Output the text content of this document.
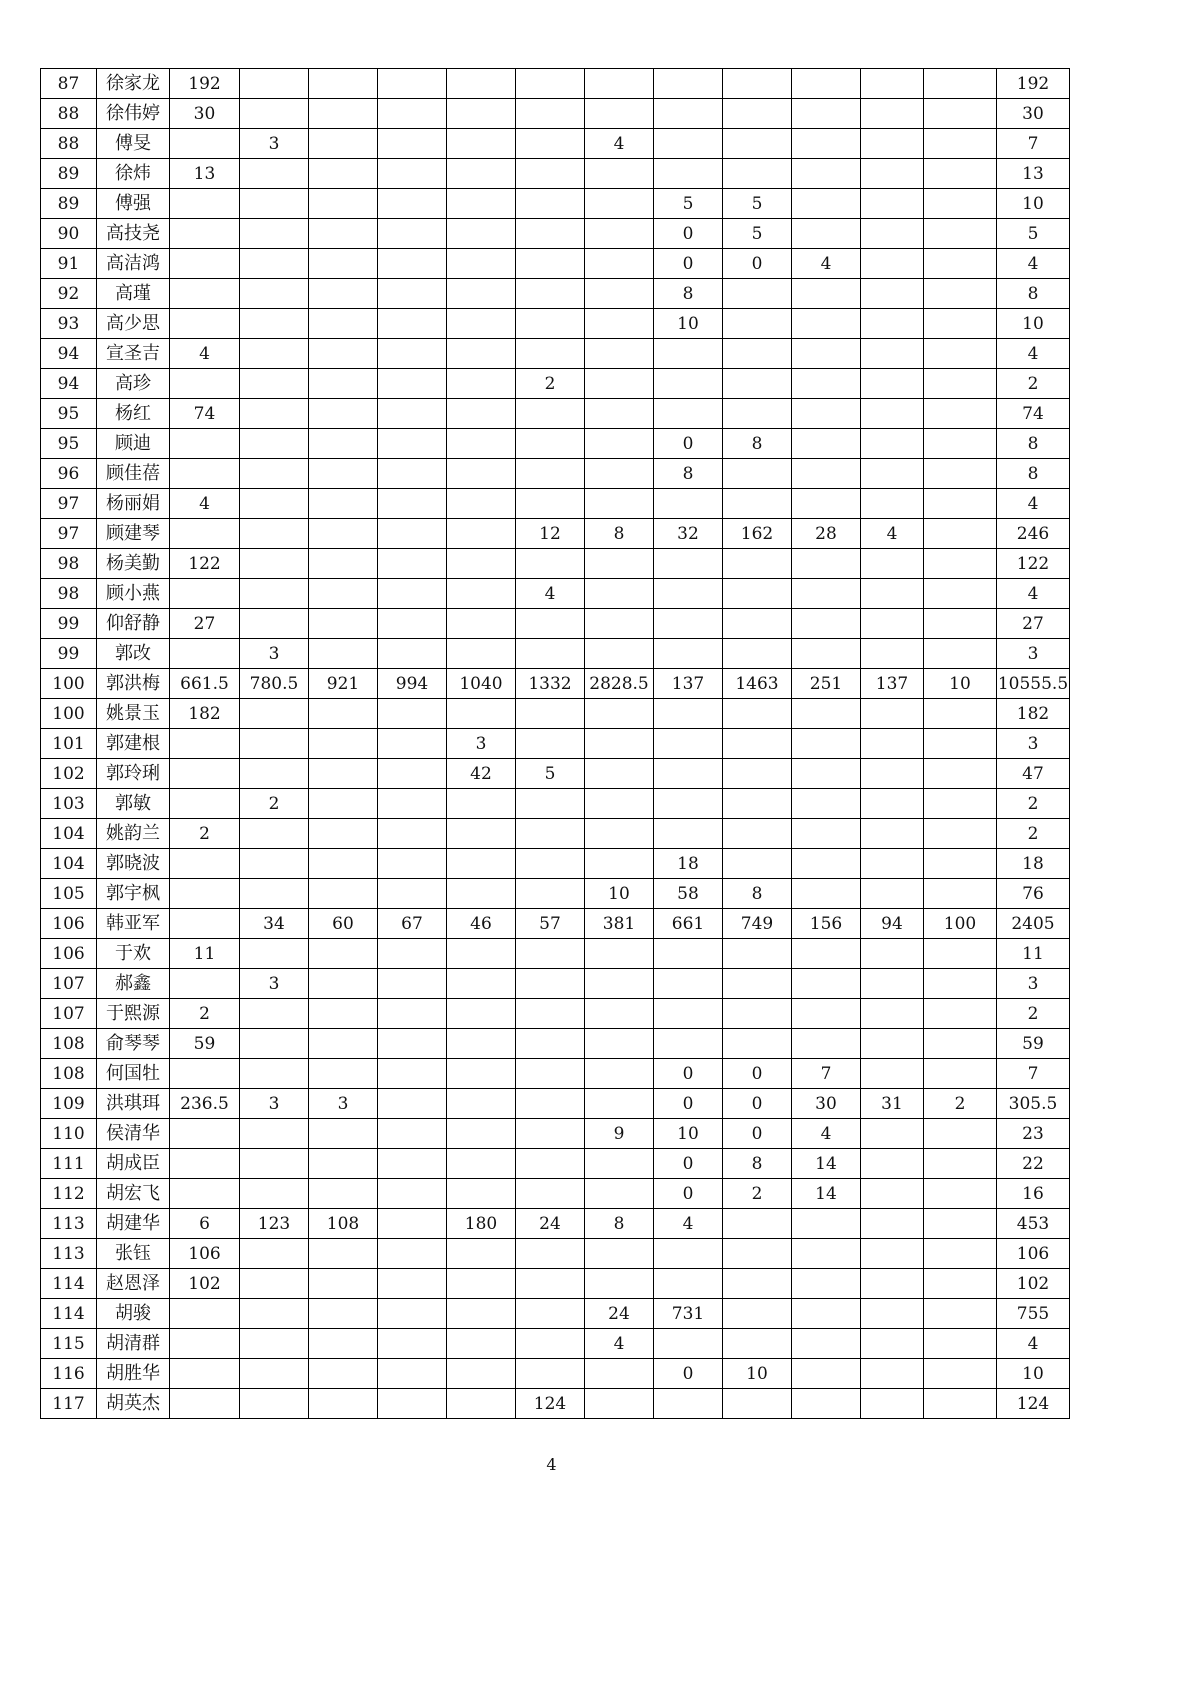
87	徐家龙	192												192
88	徐伟婷	30												30
88	傅旻		3					4						7
89	徐炜	13												13
89	傅强								5	5				10
90	高技尧								0	5				5
91	高洁鸿								0	0	4			4
92	高瑾								8					8
93	高少思								10					10
94	宣圣吉	4												4
94	高珍						2							2
95	杨红	74												74
95	顾迪								0	8				8
96	顾佳蓓								8					8
97	杨丽娟	4												4
97	顾建琴						12	8	32	162	28	4		246
98	杨美勤	122												122
98	顾小燕						4							4
99	仰舒静	27												27
99	郭改		3											3
100	郭洪梅	661.5	780.5	921	994	1040	1332	2828.5	137	1463	251	137	10	10555.5
100	姚景玉	182												182
101	郭建根					3								3
102	郭玲琍					42	5							47
103	郭敏		2											2
104	姚韵兰	2												2
104	郭晓波								18					18
105	郭宇枫							10	58	8				76
106	韩亚军		34	60	67	46	57	381	661	749	156	94	100	2405
106	于欢	11												11
107	郝鑫		3											3
107	于熙源	2												2
108	俞琴琴	59												59
108	何国牡								0	0	7			7
109	洪琪珥	236.5	3	3					0	0	30	31	2	305.5
110	侯清华							9	10	0	4			23
111	胡成臣								0	8	14			22
112	胡宏飞								0	2	14			16
113	胡建华	6	123	108		180	24	8	4					453
113	张钰	106												106
114	赵恩泽	102												102
114	胡骏							24	731					755
115	胡清群							4						4
116	胡胜华								0	10				10
117	胡英杰						124							124
4
